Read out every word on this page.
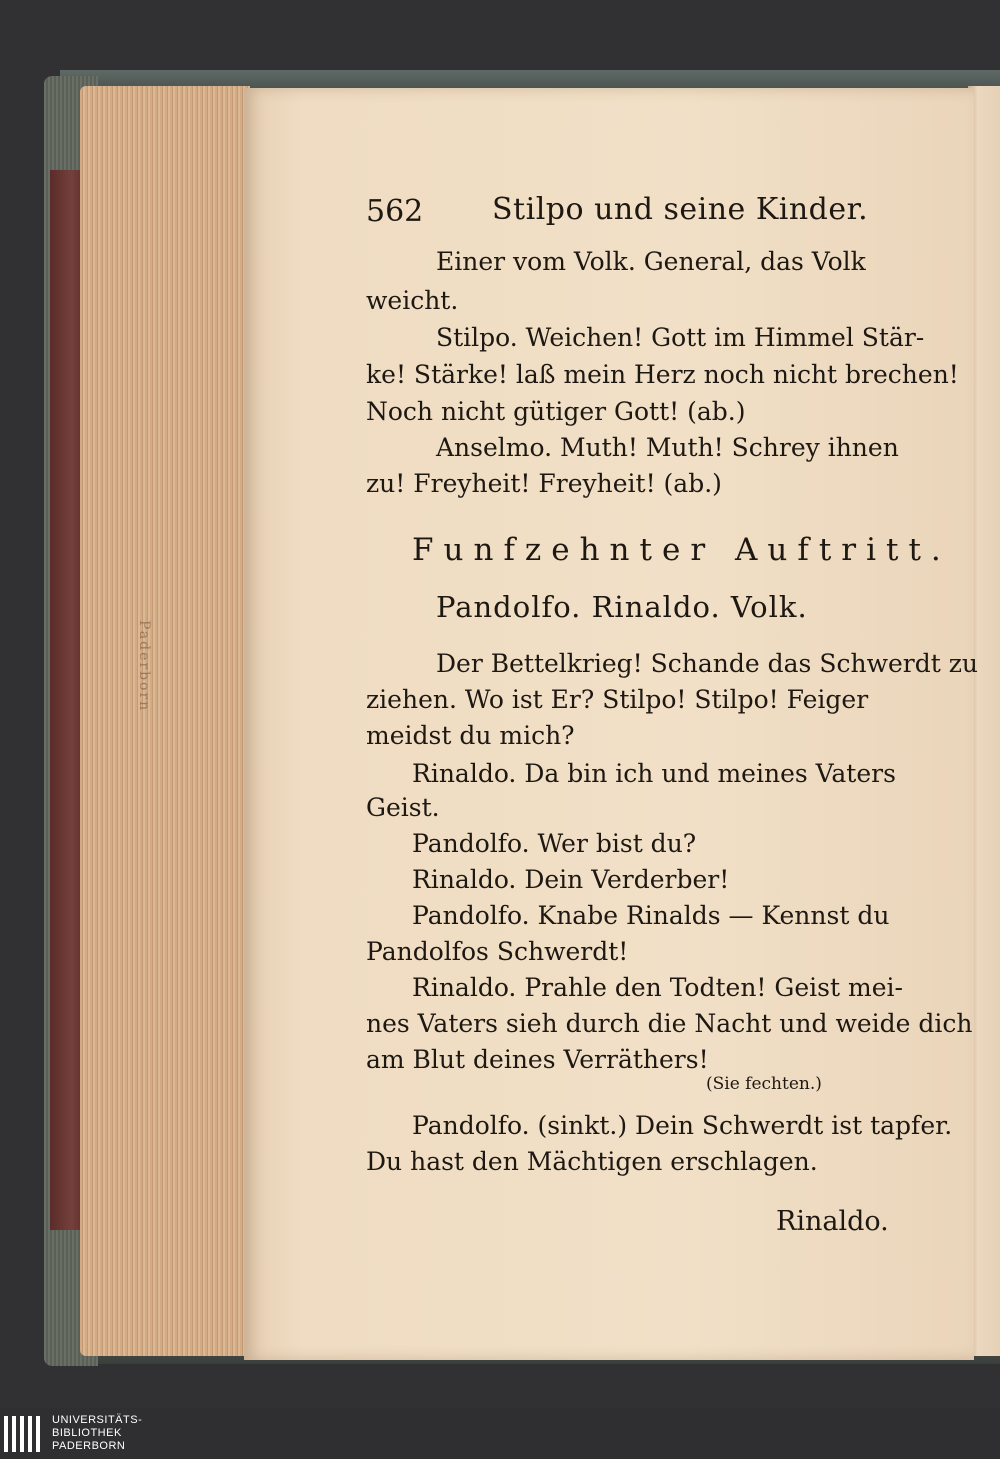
Paderborn
562 Stilpo und seine Kinder.
Einer vom Volk. General, das Volk
weicht.
Stilpo. Weichen! Gott im Himmel Stär-
ke! Stärke! laß mein Herz noch nicht brechen!
Noch nicht gütiger Gott! (ab.)
Anselmo. Muth! Muth! Schrey ihnen
zu! Freyheit! Freyheit! (ab.)
Funfzehnter Auftritt.
Pandolfo. Rinaldo. Volk.
Der Bettelkrieg! Schande das Schwerdt zu
ziehen. Wo ist Er? Stilpo! Stilpo! Feiger
meidst du mich?
Rinaldo. Da bin ich und meines Vaters
Geist.
Pandolfo. Wer bist du?
Rinaldo. Dein Verderber!
Pandolfo. Knabe Rinalds — Kennst du
Pandolfos Schwerdt!
Rinaldo. Prahle den Todten! Geist mei-
nes Vaters sieh durch die Nacht und weide dich
am Blut deines Verräthers!
(Sie fechten.)
Pandolfo. (sinkt.) Dein Schwerdt ist tapfer.
Du hast den Mächtigen erschlagen.
Rinaldo.
UNIVERSITÄTS-
BIBLIOTHEK
PADERBORN
